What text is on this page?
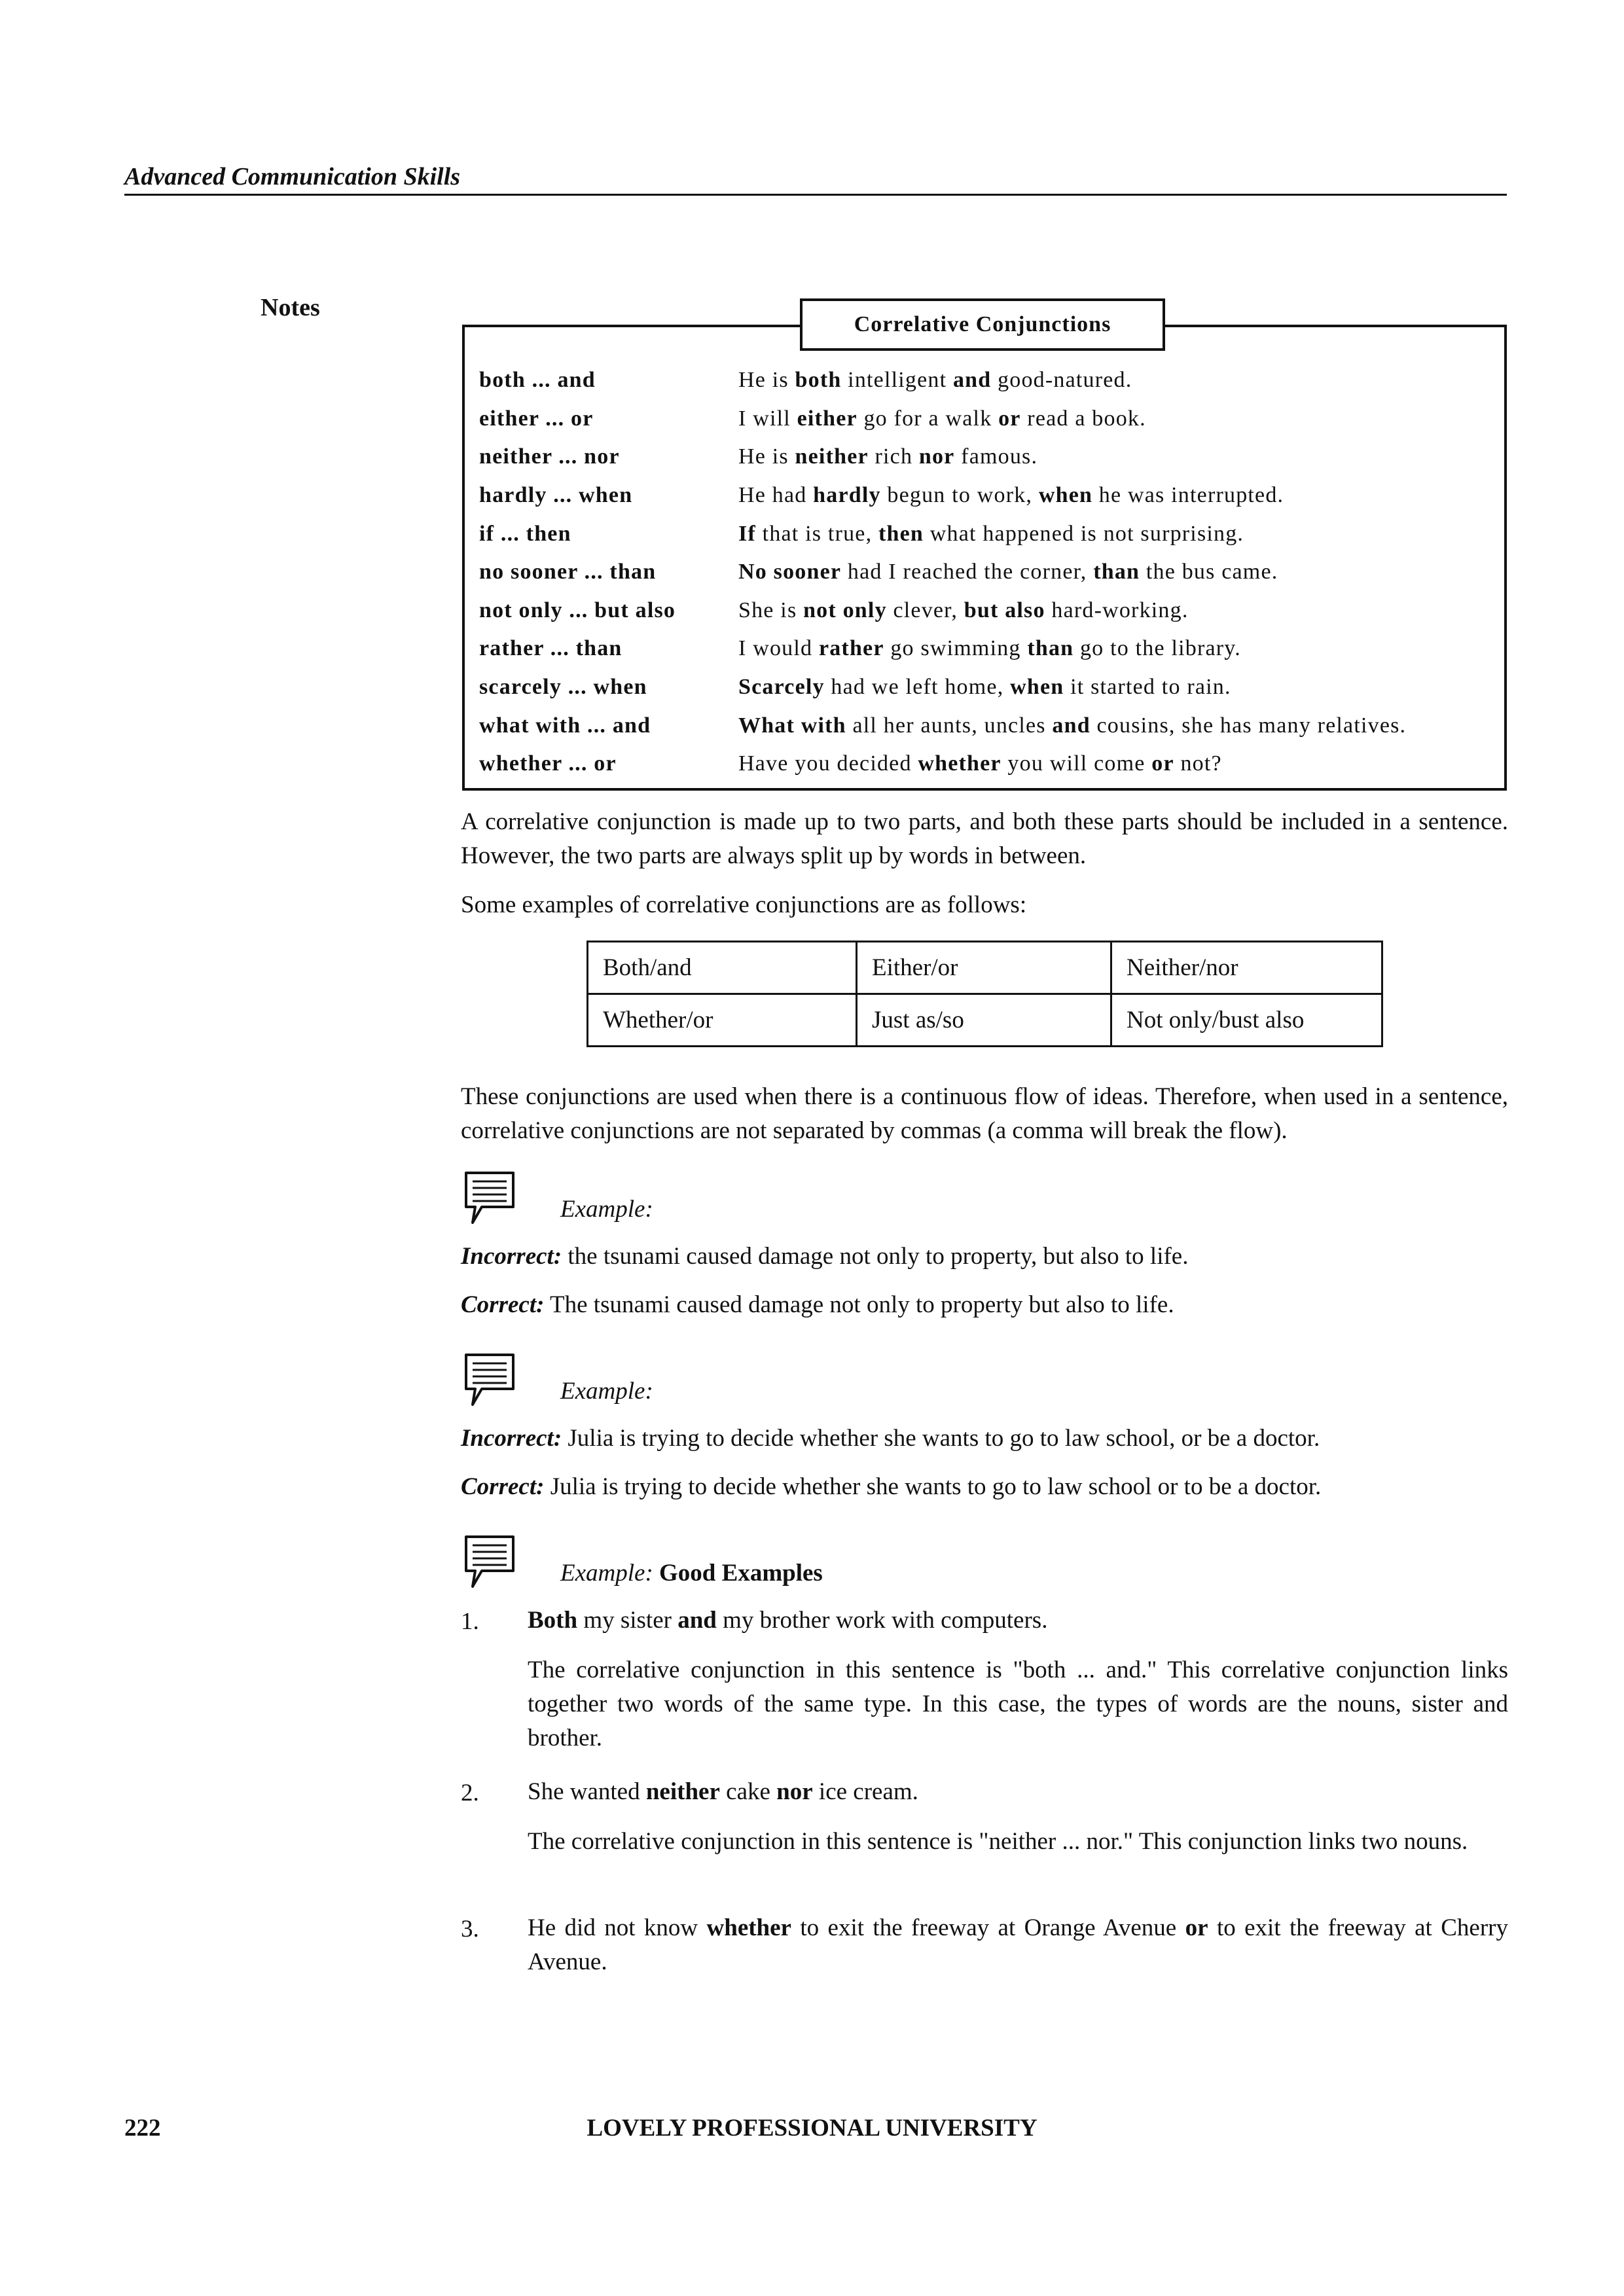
Advanced Communication Skills
Notes
Correlative Conjunctions
both ... and	He is both intelligent and good-natured.
either ... or	I will either go for a walk or read a book.
neither ... nor	He is neither rich nor famous.
hardly ... when	He had hardly begun to work, when he was interrupted.
if ... then	If that is true, then what happened is not surprising.
no sooner ... than	No sooner had I reached the corner, than the bus came.
not only ... but also	She is not only clever, but also hard-working.
rather ... than	I would rather go swimming than go to the library.
scarcely ... when	Scarcely had we left home, when it started to rain.
what with ... and	What with all her aunts, uncles and cousins, she has many relatives.
whether ... or	Have you decided whether you will come or not?
A correlative conjunction is made up to two parts, and both these parts should be included in a sentence. However, the two parts are always split up by words in between.
Some examples of correlative conjunctions are as follows:
Both/and	Either/or	Neither/nor
Whether/or	Just as/so	Not only/bust also
These conjunctions are used when there is a continuous flow of ideas. Therefore, when used in a sentence, correlative conjunctions are not separated by commas (a comma will break the flow).
Example:
Incorrect: the tsunami caused damage not only to property, but also to life.
Correct: The tsunami caused damage not only to property but also to life.
Example:
Incorrect: Julia is trying to decide whether she wants to go to law school, or be a doctor.
Correct: Julia is trying to decide whether she wants to go to law school or to be a doctor.
Example: Good Examples
1. Both my sister and my brother work with computers.
The correlative conjunction in this sentence is "both ... and." This correlative conjunction links together two words of the same type. In this case, the types of words are the nouns, sister and brother.
2. She wanted neither cake nor ice cream.
The correlative conjunction in this sentence is "neither ... nor." This conjunction links two nouns.
3. He did not know whether to exit the freeway at Orange Avenue or to exit the freeway at Cherry Avenue.
222	LOVELY PROFESSIONAL UNIVERSITY
